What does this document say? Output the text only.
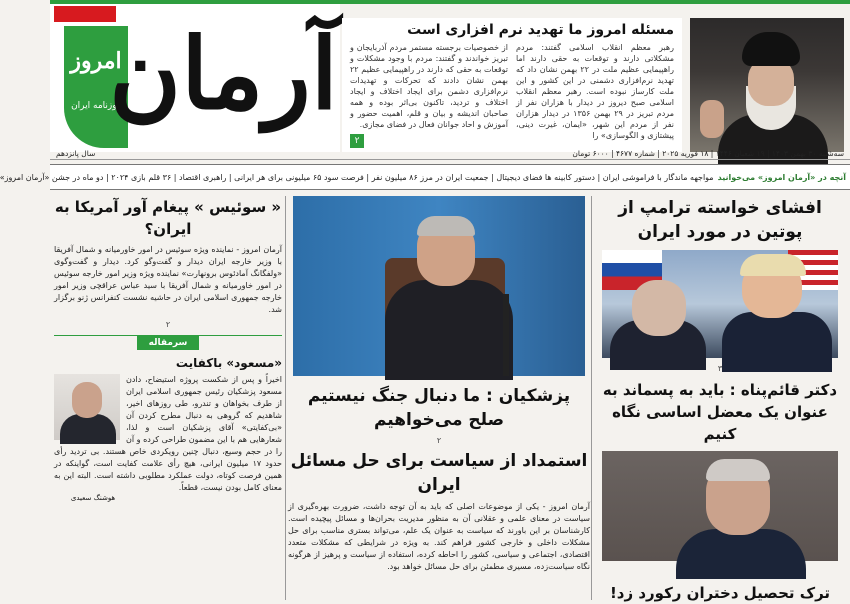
امروز
روزنامه ایران
آرمان	مسئله امروز ما تهدید نرم افزاری است
رهبر معظم انقلاب اسلامی گفتند: مردم مشکلاتی دارند و توقعات به حقی دارند اما راهپیمایی عظیم ملت در ۲۲ بهمن نشان داد که تهدید نرم‌افزاری دشمنی در این کشور و این ملت کارساز نبوده است. رهبر معظم انقلاب اسلامی صبح دیروز در دیدار با هزاران نفر از مردم تبریز در ۲۹ بهمن ۱۳۵۶ در دیدار هزاران نفر از مردم این شهر، «ایمان، غیرت دینی، پیشتازی و الگوسازی» را
از خصوصیات برجسته مستمر مردم آذربایجان و تبریز خواندند و گفتند: مردم با وجود مشکلات و توقعات به حقی که دارند در راهپیمایی عظیم ۲۲ بهمن نشان دادند که تحرکات و تهدیدات نرم‌افزاری دشمن برای ایجاد اختلاف و ایجاد اختلاف و تردید، تاکنون بی‌اثر بوده و همه صاحبان اندیشه و بیان و قلم، اهمیت حضور و آموزش و احاد جوانان فعال در فضای مجازی.
۲
سه‌شنبه ۳۰ بهمن ۱۴۰۳ | ۱۹ شعبان ۱۴۴۶ | ۱۸ فوریه ۲۰۲۵ | شماره ۴۶۷۷ | ۶۰۰۰ تومان
سال پانزدهم
آنچه در «آرمان امروز» می‌خوانید
مواجهه ماندگار با فراموشی ایران | دستور کابینه ها فضای دیجیتال | جمعیت ایران در مرز ۸۶ میلیون نفر | فرصت سود ۶۵ میلیونی برای هر ایرانی | راهبری اقتصاد | ۳۶ قلم بازی ۲۰۲۴ | دو ماه در جشن «آرمان امروز»
افشای خواسته ترامپ از پوتین در مورد ایران
۳
دکتر قائم‌پناه : باید به پسماند به عنوان یک معضل اساسی نگاه کنیم
ترک تحصیل دختران رکورد زد!
پزشکیان : ما دنبال جنگ نیستیم صلح می‌خواهیم
۲
استمداد از سیاست برای حل مسائل ایران
آرمان امروز - یکی از موضوعات اصلی که باید به آن توجه داشت، ضرورت بهره‌گیری از سیاست در معنای علمی و عقلانی آن به منظور مدیریت بحران‌ها و مسائل پیچیده است. کارشناسان بر این باورند که سیاست به عنوان یک علم، می‌تواند بستری مناسب برای حل مشکلات داخلی و خارجی کشور فراهم کند. به ویژه در شرایطی که مشکلات متعدد اقتصادی، اجتماعی و سیاسی، کشور را احاطه کرده، استفاده از سیاست و پرهیز از هرگونه نگاه سیاست‌زده، مسیری مطمئن برای حل مسائل خواهد بود.
« سوئیس » پیغام آور آمریکا به ایران؟
آرمان امروز - نماینده ویژه سوئیس در امور خاورمیانه و شمال آفریقا با وزیر خارجه ایران دیدار و گفت‌وگو کرد. دیدار و گفت‌وگوی «ولفگانگ آمادئوس برونهارت» نماینده ویژه وزیر امور خارجه سوئیس در امور خاورمیانه و شمال آفریقا با سید عباس عراقچی وزیر امور خارجه جمهوری اسلامی ایران در حاشیه نشست کنفرانس ژنو برگزار شد.
۲
سرمقاله
«مسعود» باکفایت
اخیراً و پس از شکست پروژه استیضاح، دادن مسعود پزشکیان رئیس جمهوری اسلامی ایران از طرف بخواهان و تندرو، طی روزهای اخیر، شاهدیم که گروهی به دنبال مطرح کردن آن «بی‌کفایتی» آقای پزشکیان است و لذا، شعارهایی هم با این مضمون طراحی کرده و آن را در حجم وسیع، دنبال چنین رویکردی خاص هستند. بی تردید رأی حدود ۱۷ میلیون ایرانی، هیچ رأی علامت کفایت است، گواینکه در همین فرصت کوتاه، دولت عملکرد مطلوبی داشته است. البته این به معنای کامل بودن نیست، قطعاً.
هوشنگ سعیدی
